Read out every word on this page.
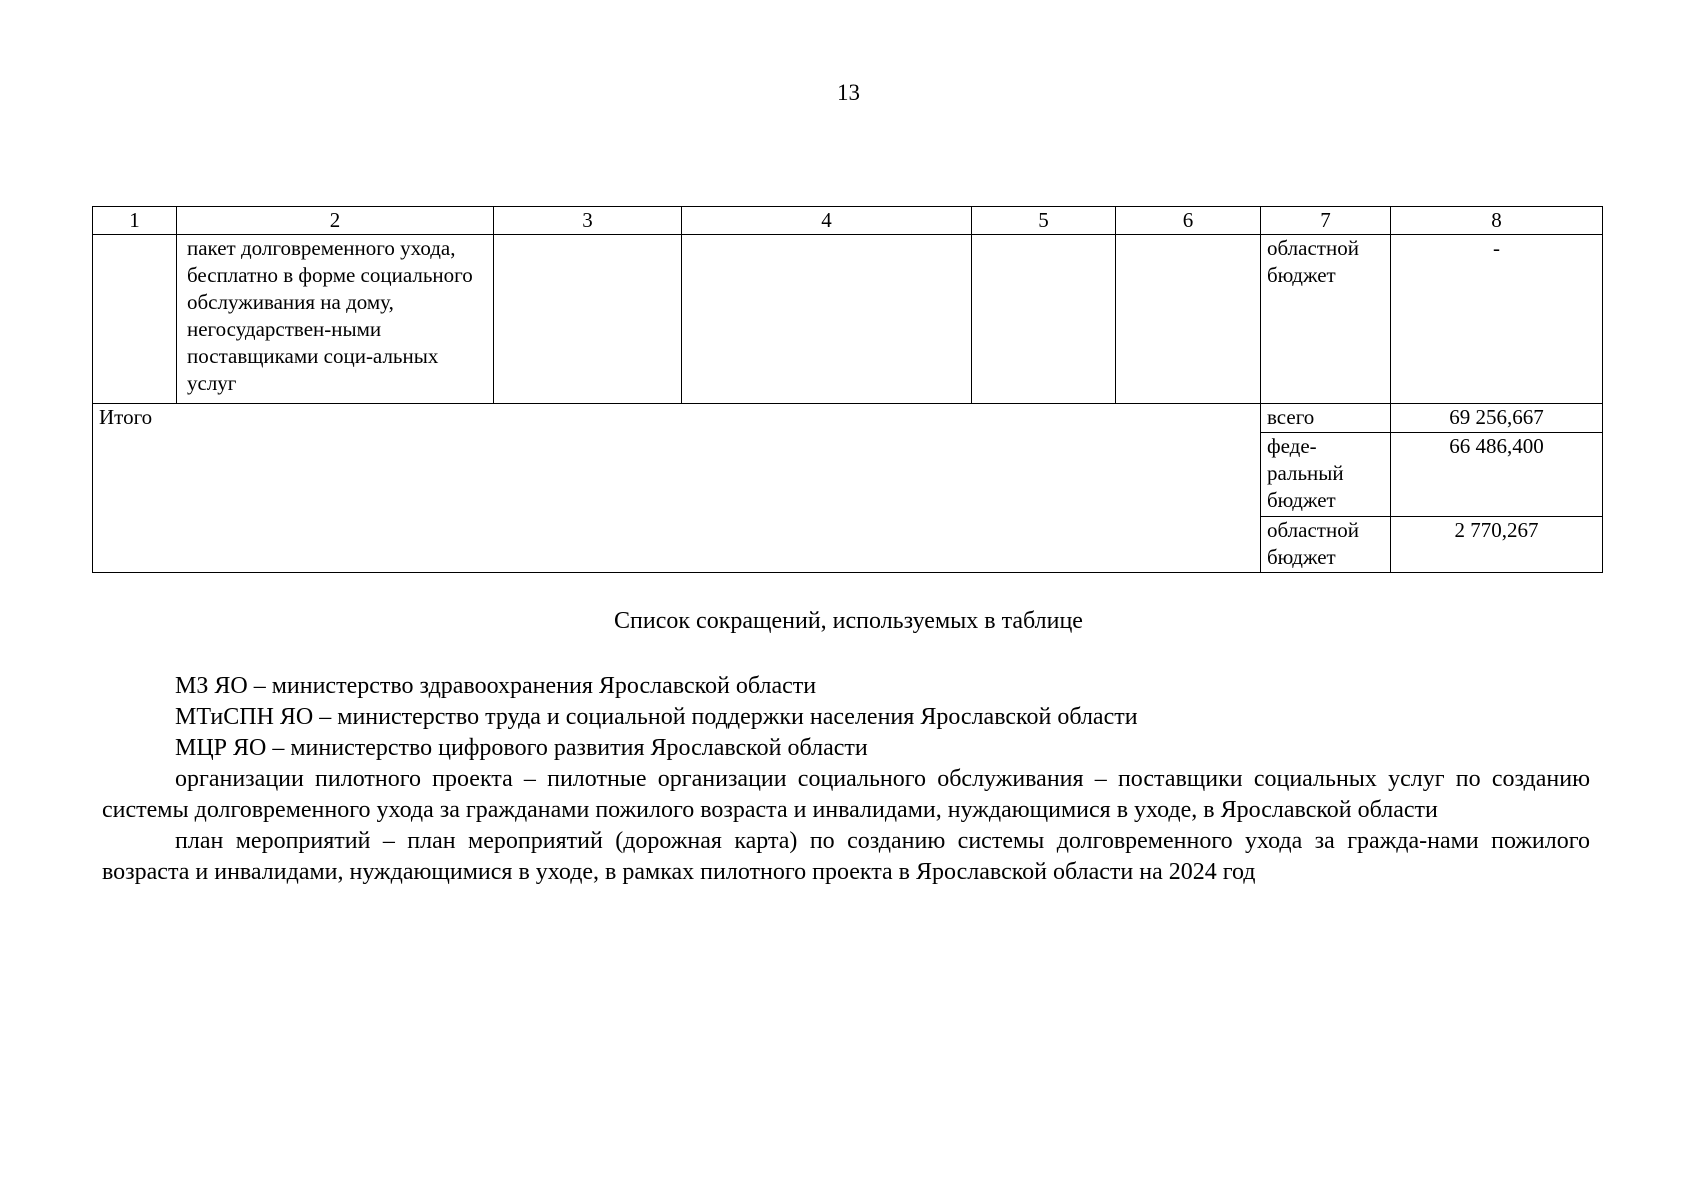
13
1	2	3	4	5	6	7	8
	пакет долговременного ухода, бесплатно в форме социального обслуживания на дому, негосударствен-ными поставщиками соци-альных услуг					областной бюджет	-
Итого						всего	69 256,667
						феде-ральный бюджет	66 486,400
						областной бюджет	2 770,267
Список сокращений, используемых в таблице
МЗ ЯО – министерство здравоохранения Ярославской области
МТиСПН ЯО – министерство труда и социальной поддержки населения Ярославской области
МЦР ЯО – министерство цифрового развития Ярославской области
организации пилотного проекта – пилотные организации социального обслуживания – поставщики социальных услуг по созданию системы долговременного ухода за гражданами пожилого возраста и инвалидами, нуждающимися в уходе, в Ярославской области
план мероприятий – план мероприятий (дорожная карта) по созданию системы долговременного ухода за гражда-нами пожилого возраста и инвалидами, нуждающимися в уходе, в рамках пилотного проекта в Ярославской области на 2024 год
